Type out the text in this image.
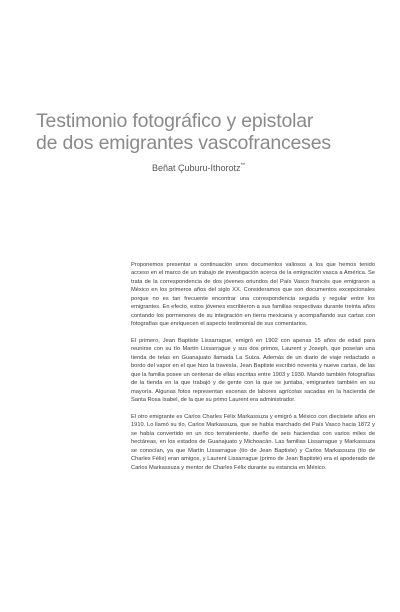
Testimonio fotográfico y epistolar
de dos emigrantes vascofranceses
Beñat Çuburu-Ithorotz**

Proponemos presentar a continuación unos documentos valiosos a los que hemos tenido acceso en el marco de un trabajo de investigación acerca de la emigración vasca a América. Se trata de la correspondencia de dos jóvenes oriundos del País Vasco francés que emigraron a México en los primeros años del siglo XX. Consideramos que son documentos excepcionales porque no es tan frecuente encontrar una correspondencia seguida y regular entre los emigrantes. En efecto, estos jóvenes escribieron a sus familias respectivas durante treinta años contando los pormenores de su integración en tierra mexicana y acompañando sus cartas con fotografías que enriquecen el aspecto testimonial de sus comentarios.

El primero, Jean Baptiste Lissarrague, emigró en 1902 con apenas 15 años de edad para reunirse con su tío Martín Lissarrague y sus dos primos, Laurent y Joseph, que poseían una tienda de telas en Guanajuato llamada La Suiza. Además de un diario de viaje redactado a bordo del vapor en el que hizo la travesía, Jean Baptiste escribió noventa y nueve cartas, de las que la familia posee un centenar de ellas escritas entre 1903 y 1930. Mandó también fotografías de la tienda en la que trabajó y de gente con la que se juntaba, emigrantes también en su mayoría. Algunas fotos representan escenas de labores agrícolas sacadas en la hacienda de Santa Rosa Isabel, de la que su primo Laurent era administrador.

El otro emigrante es Carlos Charles Félix Markassuza y emigró a México con diecisiete años en 1910. Lo llamó su tío, Carlos Markassuza, que se había marchado del País Vasco hacia 1872 y se había convertido en un rico terrateniente, dueño de seis haciendas con varios miles de hectáreas, en los estados de Guanajuato y Michoacán. Las familias Lissarrague y Markassuza se conocían, ya que Martín Lissarrague (tío de Jean Baptiste) y Carlos Markassuza (tío de Charles Félix) eran amigos, y Laurent Lissarrague (primo de Jean Baptiste) era el apoderado de Carlos Markassuza y mentor de Charles Félix durante su estancia en México.
